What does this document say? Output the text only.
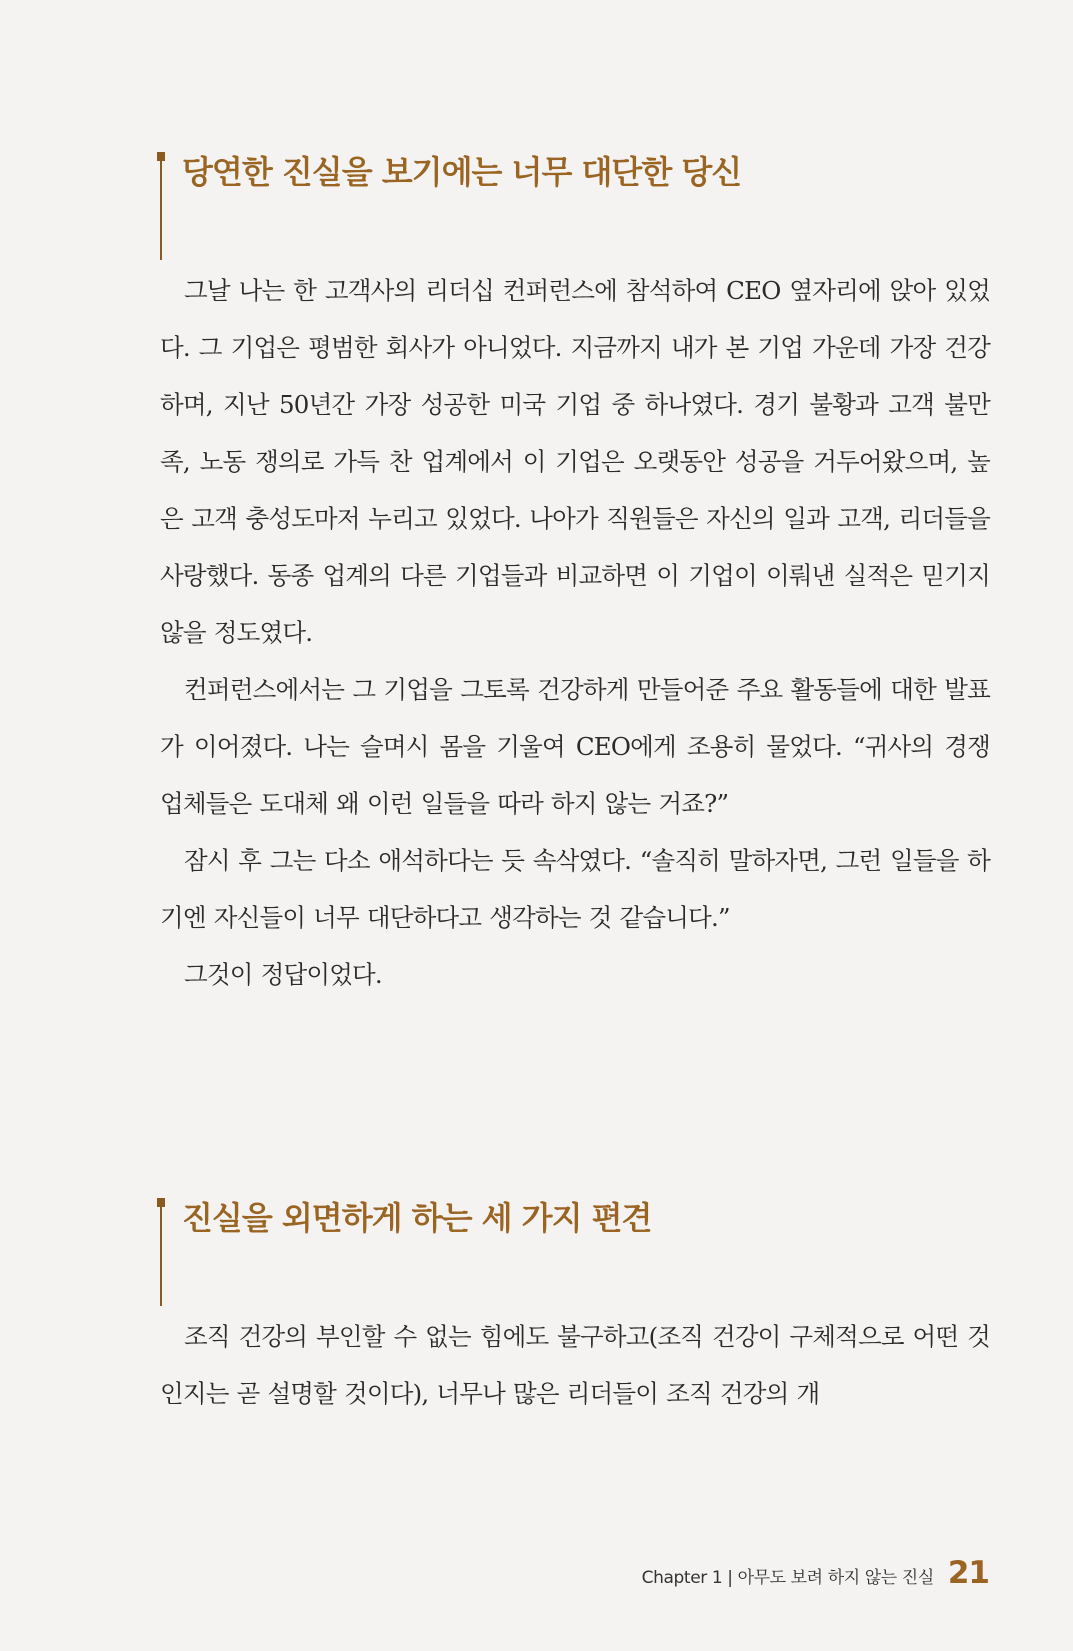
당연한 진실을 보기에는 너무 대단한 당신

그날 나는 한 고객사의 리더십 컨퍼런스에 참석하여 CEO 옆자리에 앉아 있었다. 그 기업은 평범한 회사가 아니었다. 지금까지 내가 본 기업 가운데 가장 건강하며, 지난 50년간 가장 성공한 미국 기업 중 하나였다. 경기 불황과 고객 불만족, 노동 쟁의로 가득 찬 업계에서 이 기업은 오랫동안 성공을 거두어왔으며, 높은 고객 충성도마저 누리고 있었다. 나아가 직원들은 자신의 일과 고객, 리더들을 사랑했다. 동종 업계의 다른 기업들과 비교하면 이 기업이 이뤄낸 실적은 믿기지 않을 정도였다.

컨퍼런스에서는 그 기업을 그토록 건강하게 만들어준 주요 활동들에 대한 발표가 이어졌다. 나는 슬며시 몸을 기울여 CEO에게 조용히 물었다. “귀사의 경쟁 업체들은 도대체 왜 이런 일들을 따라 하지 않는 거죠?”

잠시 후 그는 다소 애석하다는 듯 속삭였다. “솔직히 말하자면, 그런 일들을 하기엔 자신들이 너무 대단하다고 생각하는 것 같습니다.”

그것이 정답이었다.

진실을 외면하게 하는 세 가지 편견

조직 건강의 부인할 수 없는 힘에도 불구하고(조직 건강이 구체적으로 어떤 것인지는 곧 설명할 것이다), 너무나 많은 리더들이 조직 건강의 개

Chapter 1 | 아무도 보려 하지 않는 진실 21
